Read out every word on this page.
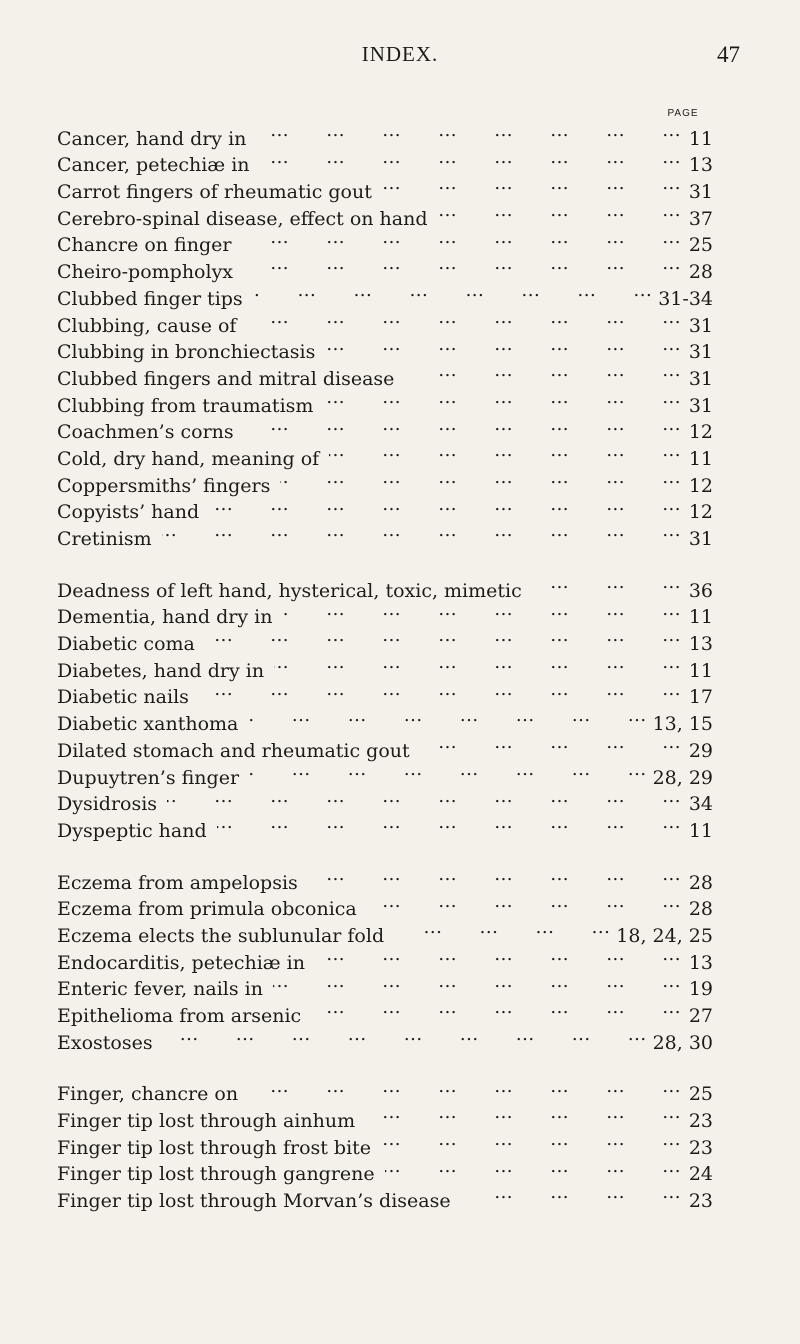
INDEX.	47
PAGE
Cancer, hand dry in ...	11
Cancer, petechiæ in ...	13
Carrot fingers of rheumatic gout ...	31
Cerebro-spinal disease, effect on hand ...	37
Chancre on finger ...	25
Cheiro-pompholyx ...	28
Clubbed finger tips ...	31-34
Clubbing, cause of ...	31
Clubbing in bronchiectasis ...	31
Clubbed fingers and mitral disease ...	31
Clubbing from traumatism ...	31
Coachmen’s corns ...	12
Cold, dry hand, meaning of ...	11
Coppersmiths’ fingers ...	12
Copyists’ hand ...	12
Cretinism ...	31
Deadness of left hand, hysterical, toxic, mimetic ...	36
Dementia, hand dry in ...	11
Diabetic coma ...	13
Diabetes, hand dry in ...	11
Diabetic nails ...	17
Diabetic xanthoma ...	13, 15
Dilated stomach and rheumatic gout ...	29
Dupuytren’s finger ...	28, 29
Dysidrosis ...	34
Dyspeptic hand ...	11
Eczema from ampelopsis ...	28
Eczema from primula obconica ...	28
Eczema elects the sublunular fold ...	18, 24, 25
Endocarditis, petechiæ in ...	13
Enteric fever, nails in ...	19
Epithelioma from arsenic ...	27
Exostoses ...	28, 30
Finger, chancre on ...	25
Finger tip lost through ainhum ...	23
Finger tip lost through frost bite ...	23
Finger tip lost through gangrene ...	24
Finger tip lost through Morvan’s disease ...	23
